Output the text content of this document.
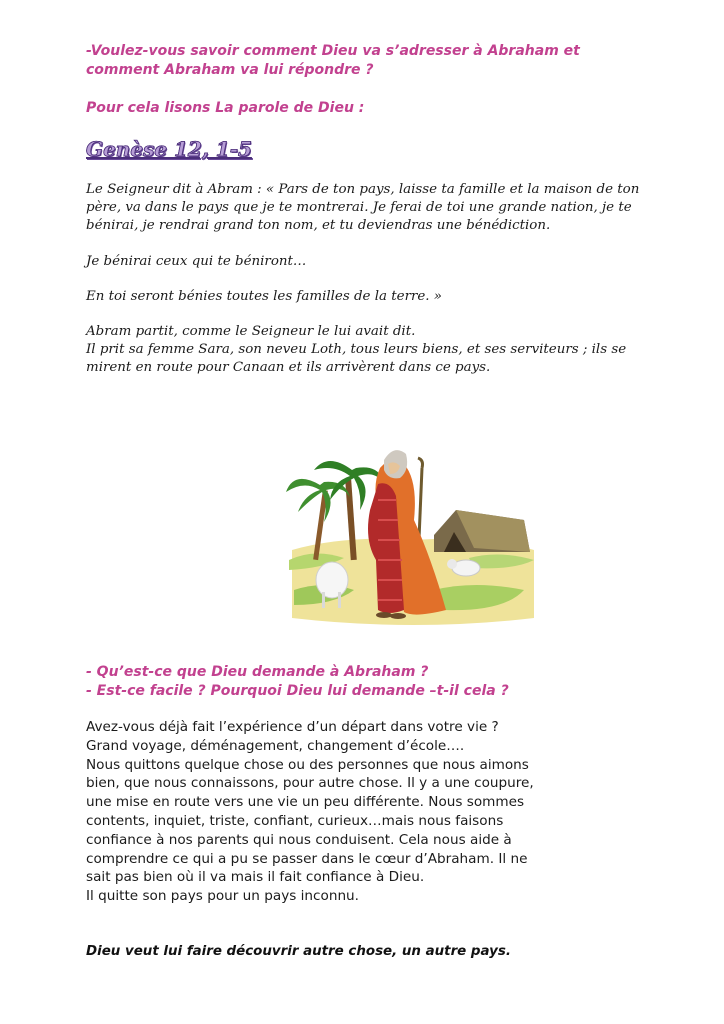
-Voulez-vous savoir comment Dieu va s’adresser à Abraham et
comment Abraham va lui répondre ?
Pour cela lisons La parole de Dieu :
Genèse 12, 1-5

Le Seigneur dit à Abram : « Pars de ton pays, laisse ta famille et la maison de ton père, va dans le pays que je te montrerai. Je ferai de toi une grande nation, je te bénirai, je rendrai grand ton nom, et tu deviendras une bénédiction.

Je bénirai ceux qui te béniront…

En toi seront bénies toutes les familles de la terre. »

Abram partit, comme le Seigneur le lui avait dit.
Il prit sa femme Sara, son neveu Loth, tous leurs biens, et ses serviteurs ; ils se mirent en route pour Canaan et ils arrivèrent dans ce pays.

- Qu’est-ce que Dieu demande à Abraham ?
- Est-ce facile ? Pourquoi Dieu lui demande –t-il cela ?
Avez-vous déjà fait l’expérience d’un départ dans votre vie ?
Grand voyage, déménagement, changement d’école….
Nous quittons quelque chose ou des personnes que nous aimons
bien, que nous connaissons, pour autre chose. Il y a une coupure,
une mise en route vers une vie un peu différente. Nous sommes
contents, inquiet, triste, confiant, curieux…mais nous faisons
confiance à nos parents qui nous conduisent. Cela nous aide à
comprendre ce qui a pu se passer dans le cœur d’Abraham. Il ne
sait pas bien où il va mais il fait confiance à Dieu.
Il quitte son pays pour un pays inconnu.
Dieu veut lui faire découvrir autre chose, un autre pays.
